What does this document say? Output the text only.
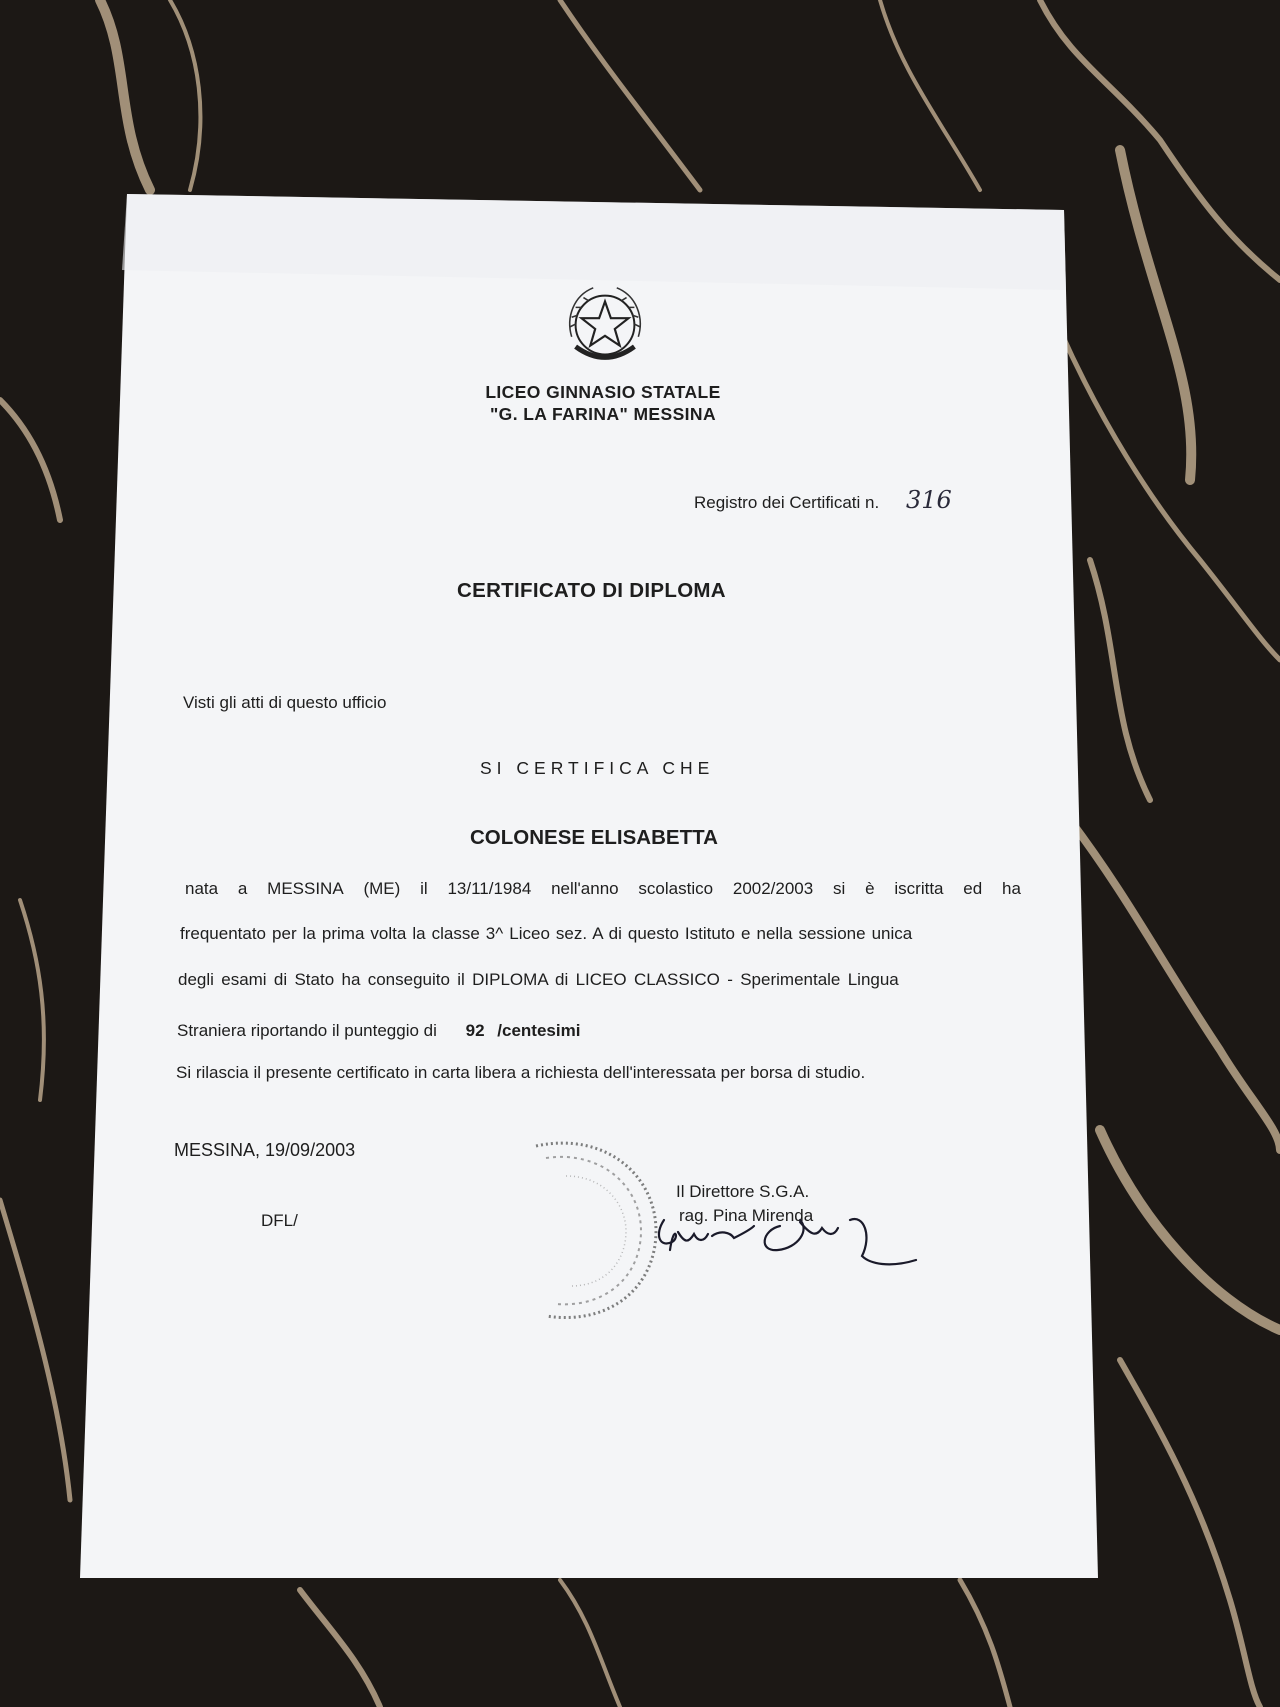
LICEO GINNASIO STATALE
"G. LA FARINA" MESSINA
Registro dei Certificati n. 316
CERTIFICATO DI DIPLOMA
Visti gli atti di questo ufficio
SI CERTIFICA CHE
COLONESE ELISABETTA
nata a MESSINA (ME) il 13/11/1984 nell'anno scolastico 2002/2003 si è iscritta ed ha
frequentato per la prima volta la classe 3^ Liceo sez. A di questo Istituto e nella sessione unica
degli esami di Stato ha conseguito il DIPLOMA di LICEO CLASSICO - Sperimentale Lingua
Straniera riportando il punteggio di 92 /centesimi
Si rilascia il presente certificato in carta libera a richiesta dell'interessata per borsa di studio.
MESSINA, 19/09/2003
DFL/
Il Direttore S.G.A.
rag. Pina Mirenda
